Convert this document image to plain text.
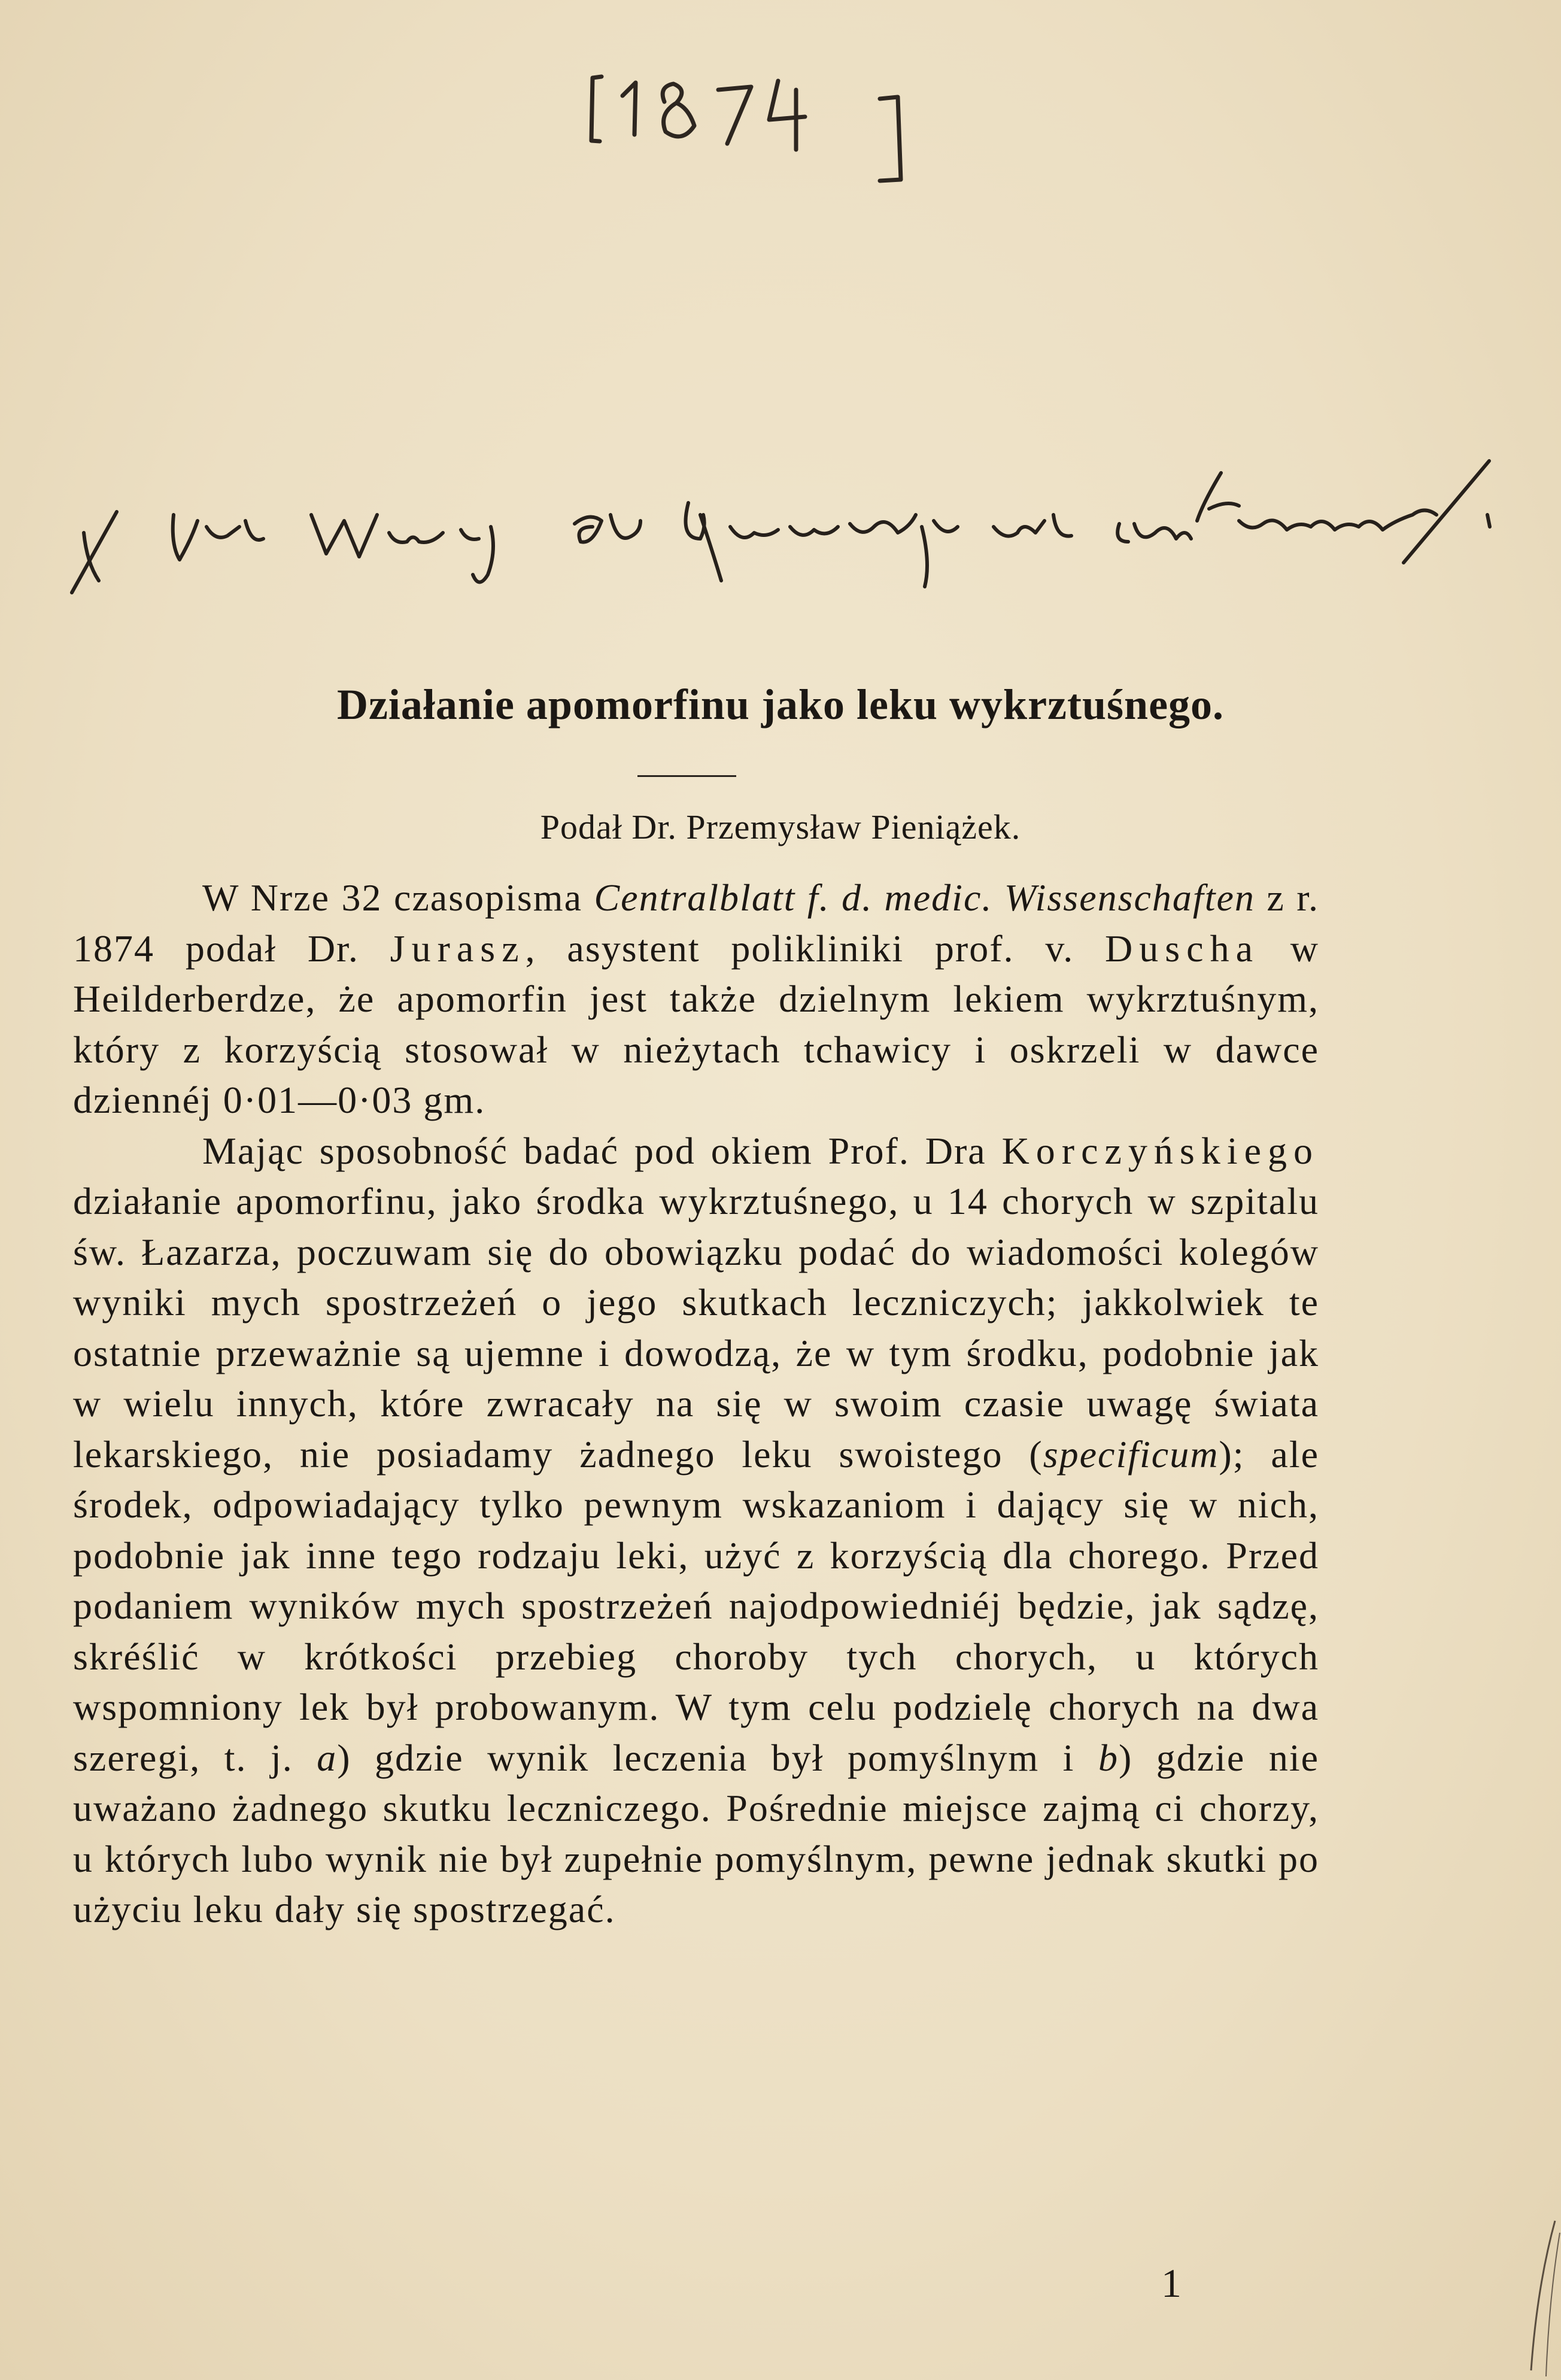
Działanie apomorfinu jako leku wykrztuśnego.
Podał Dr. Przemysław Pieniążek.

W Nrze 32 czasopisma Centralblatt f. d. medic. Wissenschaften z r. 1874 podał Dr. Jurasz, asystent polikliniki prof. v. Duscha w Heilderberdze, że apomorfin jest także dzielnym lekiem wykrztuśnym, który z korzyścią stosował w nieżytach tchawicy i oskrzeli w dawce dziennéj 0·01—0·03 gm.

Mając sposobność badać pod okiem Prof. Dra Korczyńskiego działanie apomorfinu, jako środka wykrztuśnego, u 14 chorych w szpitalu św. Łazarza, poczuwam się do obowiązku podać do wiadomości kolegów wyniki mych spostrzeżeń o jego skutkach leczniczych; jakkolwiek te ostatnie przeważnie są ujemne i dowodzą, że w tym środku, podobnie jak w wielu innych, które zwracały na się w swoim czasie uwagę świata lekarskiego, nie posiadamy żadnego leku swoistego (specificum); ale środek, odpowiadający tylko pewnym wskazaniom i dający się w nich, podobnie jak inne tego rodzaju leki, użyć z korzyścią dla chorego. Przed podaniem wyników mych spostrzeżeń najodpowiedniéj będzie, jak sądzę, skréślić w krótkości przebieg choroby tych chorych, u których wspomniony lek był probowanym. W tym celu podzielę chorych na dwa szeregi, t. j. a) gdzie wynik leczenia był pomyślnym i b) gdzie nie uważano żadnego skutku leczniczego. Pośrednie miejsce zajmą ci chorzy, u których lubo wynik nie był zupełnie pomyślnym, pewne jednak skutki po użyciu leku dały się spostrzegać.

1
